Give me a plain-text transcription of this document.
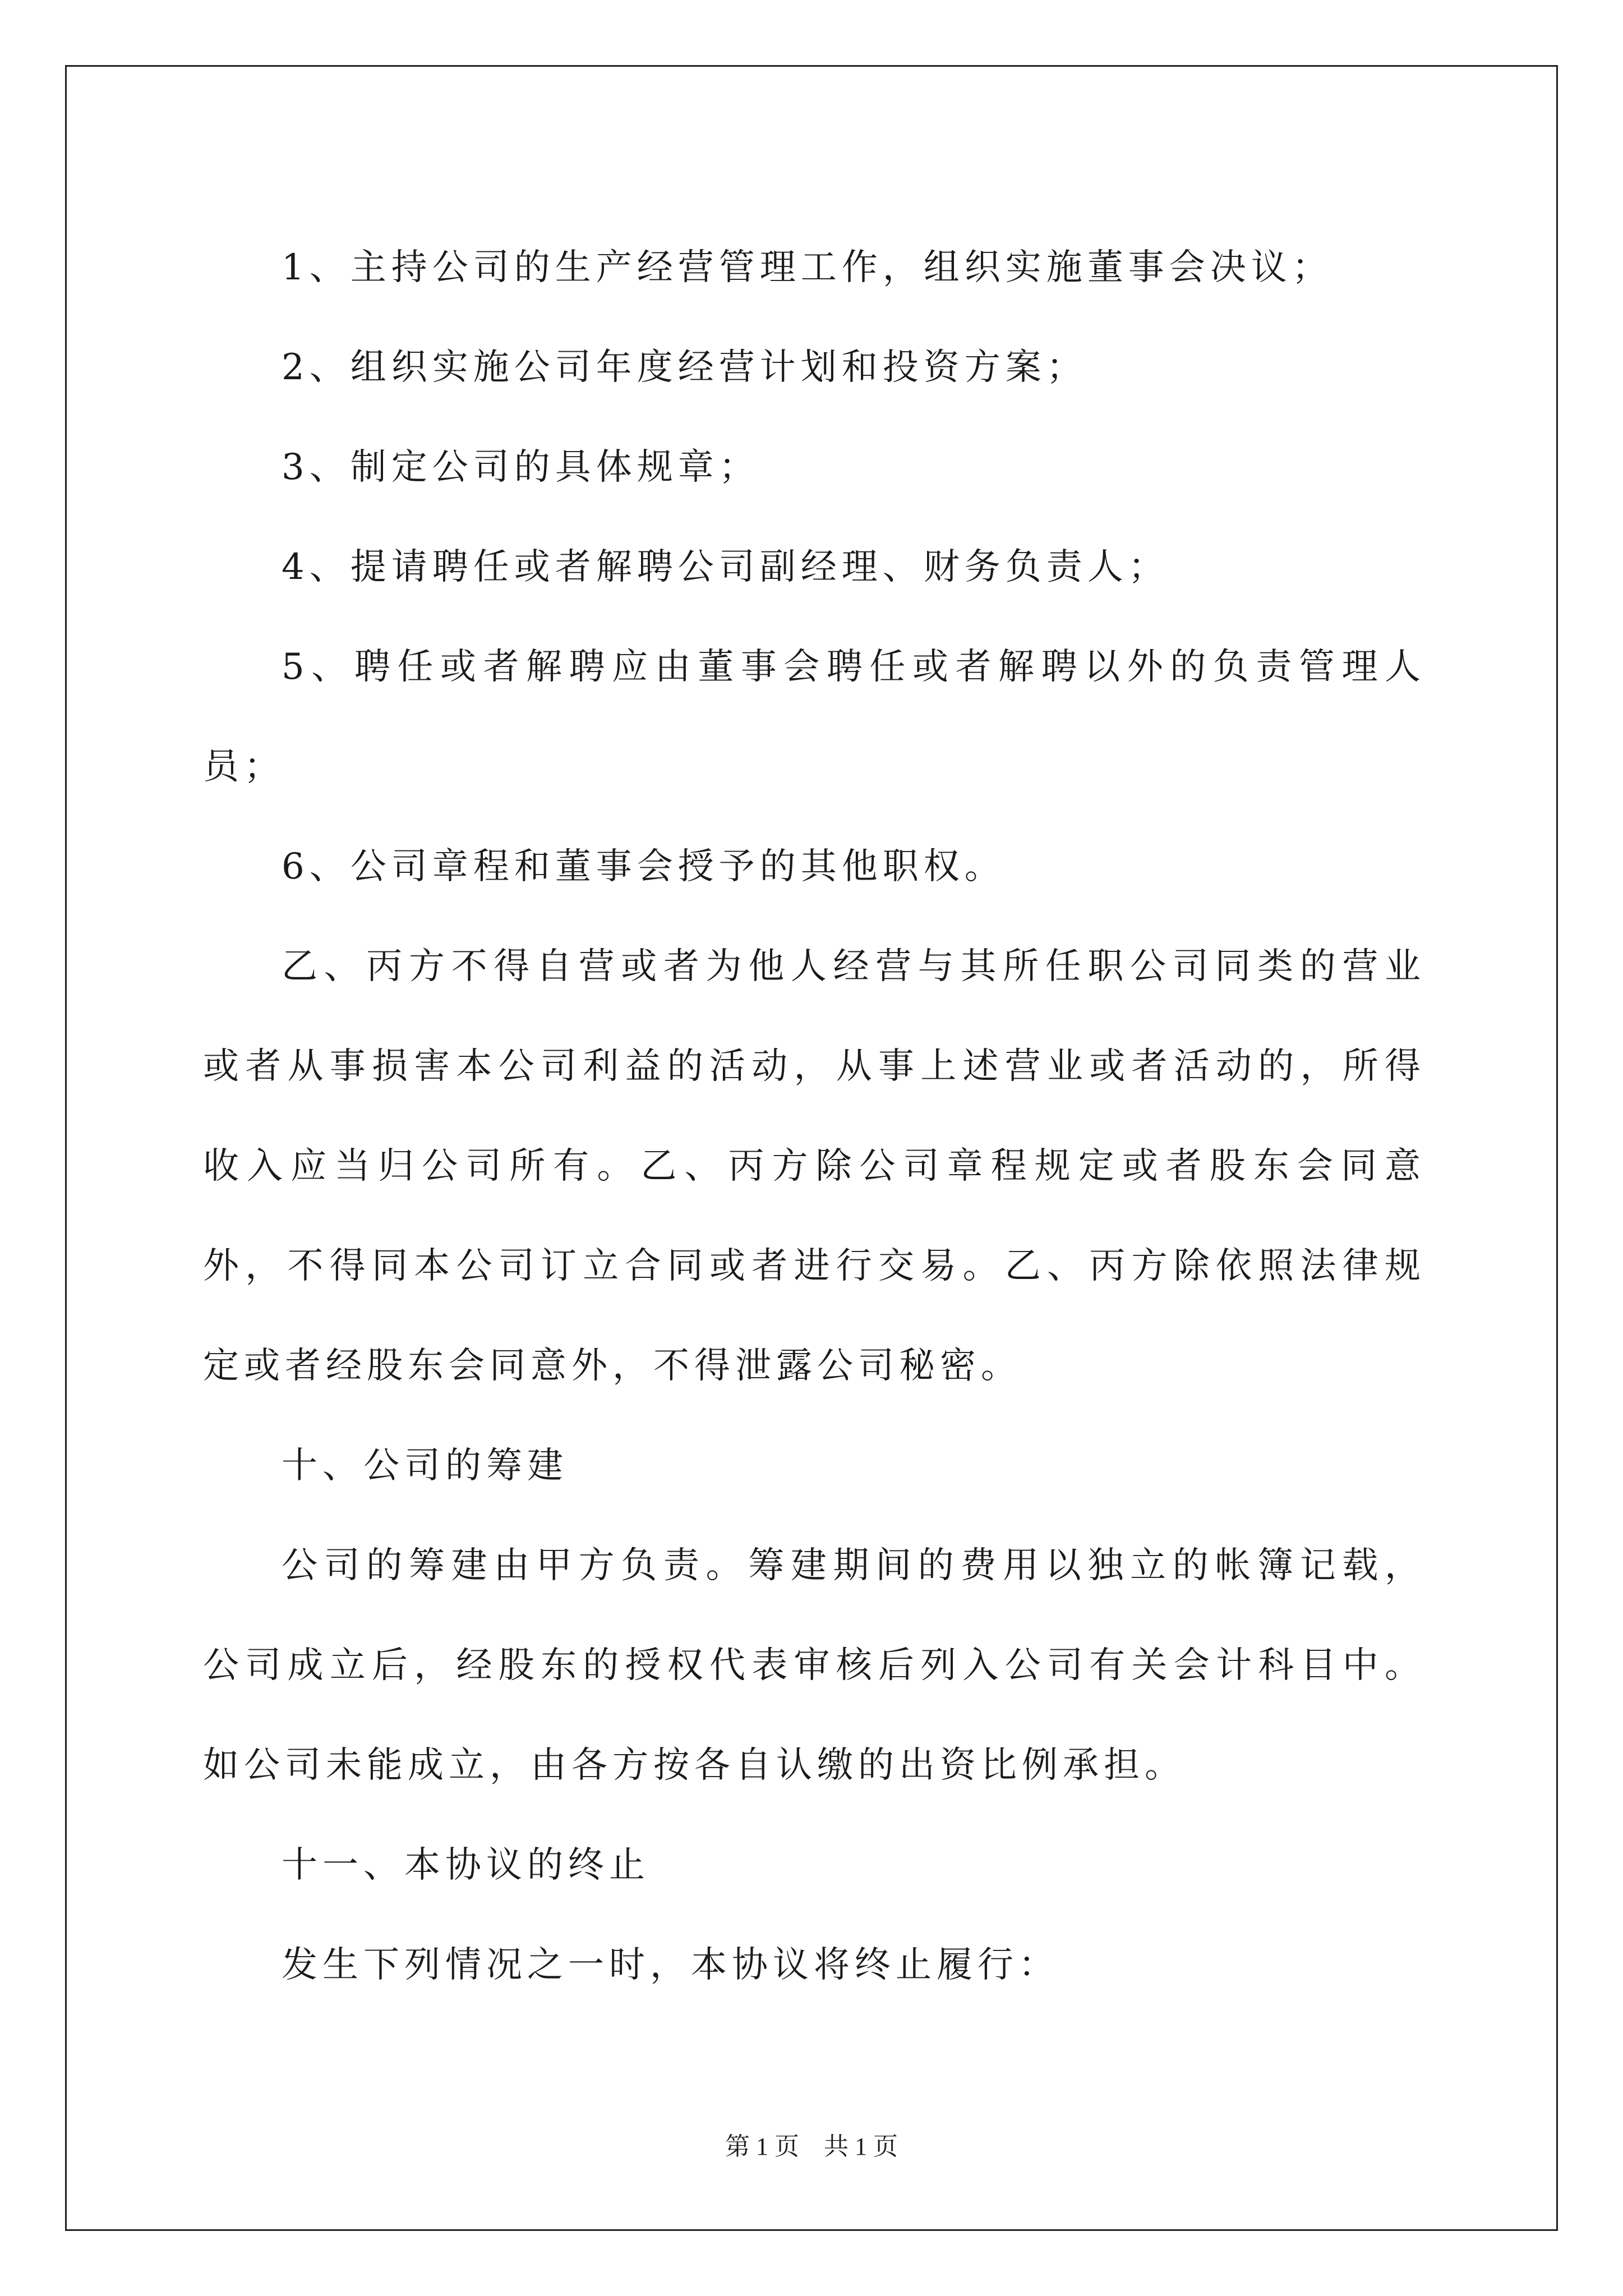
1、主持公司的生产经营管理工作，组织实施董事会决议；

2、组织实施公司年度经营计划和投资方案；

3、制定公司的具体规章；

4、提请聘任或者解聘公司副经理、财务负责人；

5、聘任或者解聘应由董事会聘任或者解聘以外的负责管理人员；

6、公司章程和董事会授予的其他职权。

乙、丙方不得自营或者为他人经营与其所任职公司同类的营业或者从事损害本公司利益的活动，从事上述营业或者活动的，所得收入应当归公司所有。乙、丙方除公司章程规定或者股东会同意外，不得同本公司订立合同或者进行交易。乙、丙方除依照法律规定或者经股东会同意外，不得泄露公司秘密。

十、公司的筹建

公司的筹建由甲方负责。筹建期间的费用以独立的帐簿记载，公司成立后，经股东的授权代表审核后列入公司有关会计科目中。如公司未能成立，由各方按各自认缴的出资比例承担。

十一、本协议的终止

发生下列情况之一时，本协议将终止履行：

第 1 页　共 1 页
